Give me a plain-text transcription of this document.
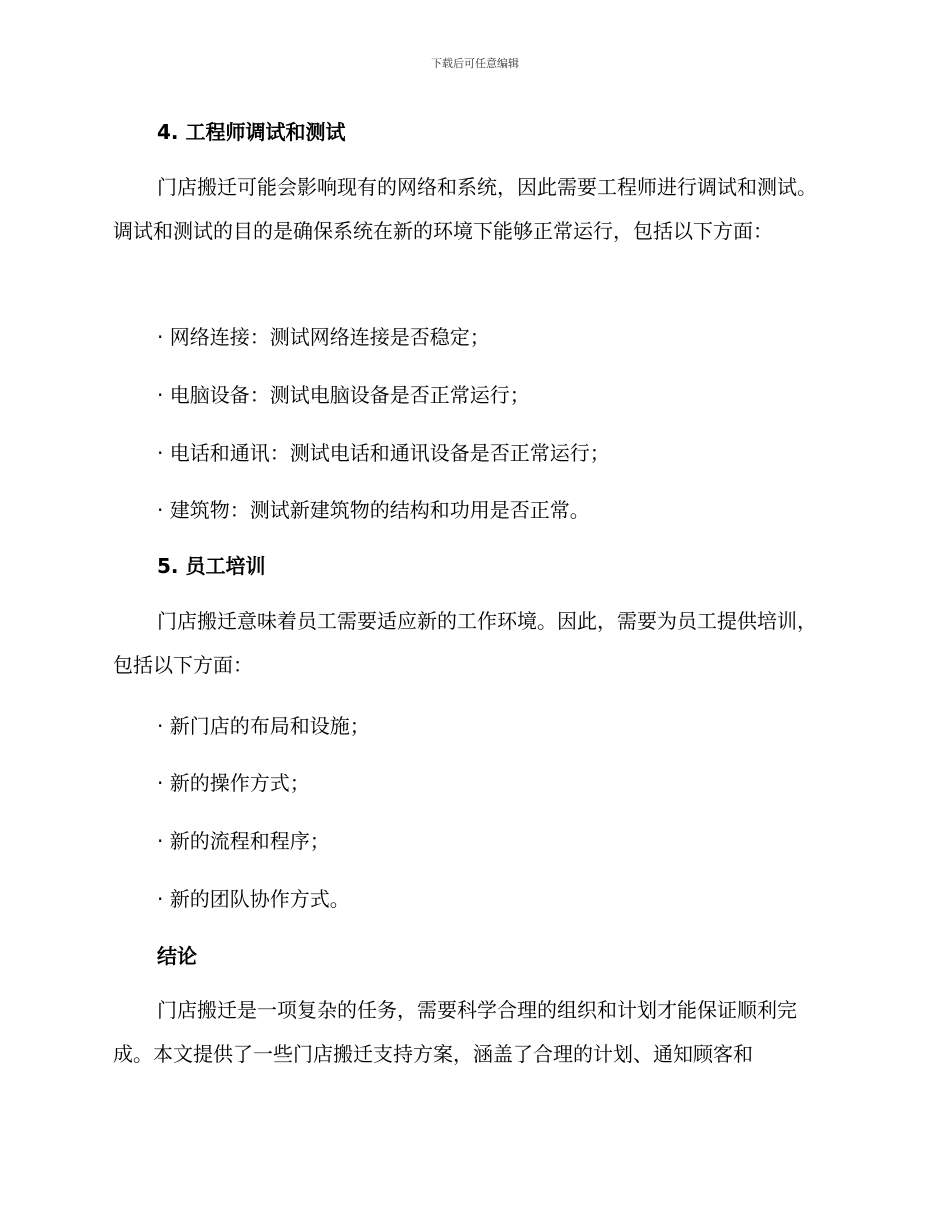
下载后可任意编辑
4. 工程师调试和测试
门店搬迁可能会影响现有的网络和系统，因此需要工程师进行调试和测试。调试和测试的目的是确保系统在新的环境下能够正常运行，包括以下方面：
· 网络连接：测试网络连接是否稳定；
· 电脑设备：测试电脑设备是否正常运行；
· 电话和通讯：测试电话和通讯设备是否正常运行；
· 建筑物：测试新建筑物的结构和功用是否正常。
5. 员工培训
门店搬迁意味着员工需要适应新的工作环境。因此，需要为员工提供培训，包括以下方面：
· 新门店的布局和设施；
· 新的操作方式；
· 新的流程和程序；
· 新的团队协作方式。
结论
门店搬迁是一项复杂的任务，需要科学合理的组织和计划才能保证顺利完成。本文提供了一些门店搬迁支持方案，涵盖了合理的计划、通知顾客和
